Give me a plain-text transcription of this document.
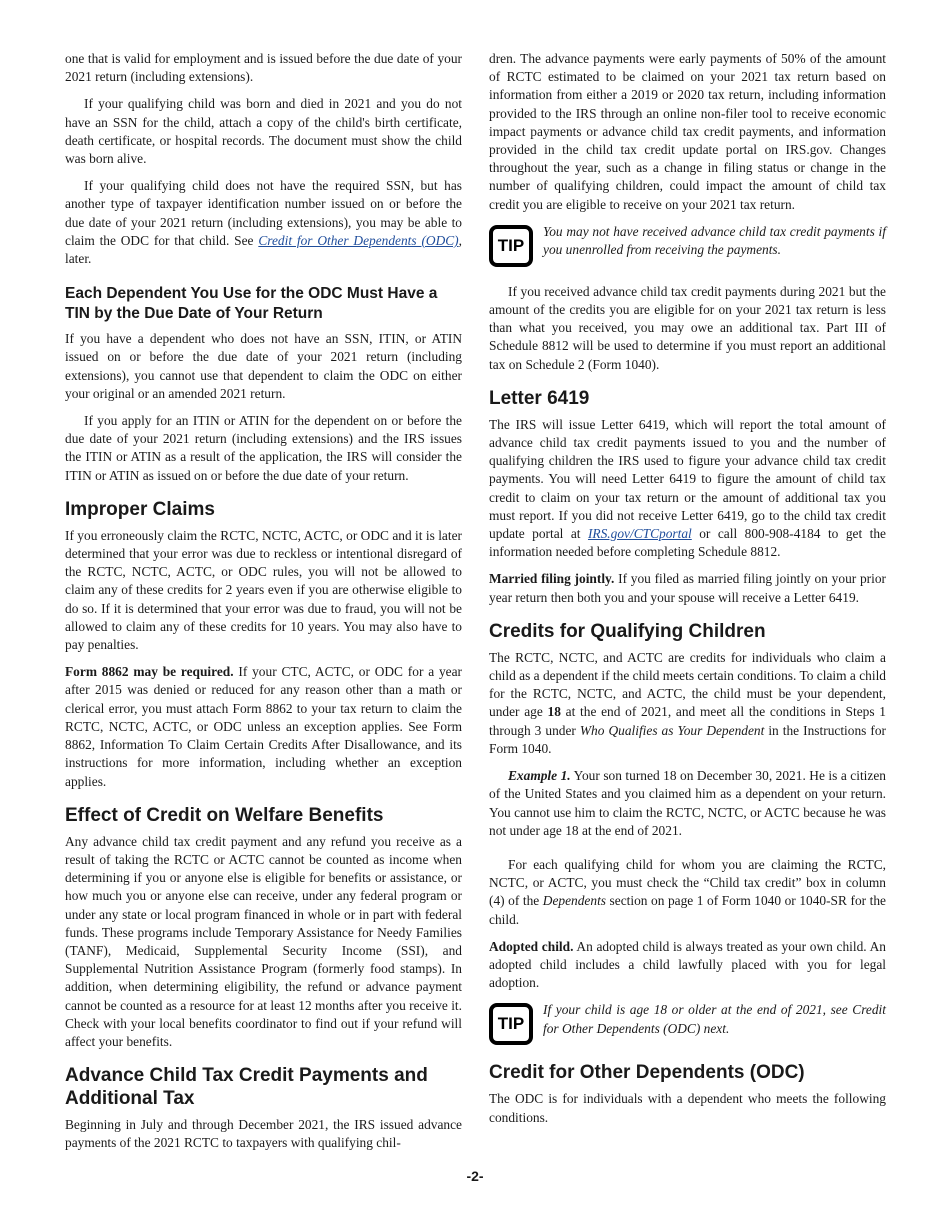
one that is valid for employment and is issued before the due date of your 2021 return (including extensions).

If your qualifying child was born and died in 2021 and you do not have an SSN for the child, attach a copy of the child's birth certificate, death certificate, or hospital records. The document must show the child was born alive.

If your qualifying child does not have the required SSN, but has another type of taxpayer identification number issued on or before the due date of your 2021 return (including extensions), you may be able to claim the ODC for that child. See Credit for Other Dependents (ODC), later.

Each Dependent You Use for the ODC Must Have a TIN by the Due Date of Your Return

If you have a dependent who does not have an SSN, ITIN, or ATIN issued on or before the due date of your 2021 return (including extensions), you cannot use that dependent to claim the ODC on either your original or an amended 2021 return.

If you apply for an ITIN or ATIN for the dependent on or before the due date of your 2021 return (including extensions) and the IRS issues the ITIN or ATIN as a result of the application, the IRS will consider the ITIN or ATIN as issued on or before the due date of your return.

Improper Claims

If you erroneously claim the RCTC, NCTC, ACTC, or ODC and it is later determined that your error was due to reckless or intentional disregard of the RCTC, NCTC, ACTC, or ODC rules, you will not be allowed to claim any of these credits for 2 years even if you are otherwise eligible to do so. If it is determined that your error was due to fraud, you will not be allowed to claim any of these credits for 10 years. You may also have to pay penalties.

Form 8862 may be required. If your CTC, ACTC, or ODC for a year after 2015 was denied or reduced for any reason other than a math or clerical error, you must attach Form 8862 to your tax return to claim the RCTC, NCTC, ACTC, or ODC unless an exception applies. See Form 8862, Information To Claim Certain Credits After Disallowance, and its instructions for more information, including whether an exception applies.

Effect of Credit on Welfare Benefits

Any advance child tax credit payment and any refund you receive as a result of taking the RCTC or ACTC cannot be counted as income when determining if you or anyone else is eligible for benefits or assistance, or how much you or anyone else can receive, under any federal program or under any state or local program financed in whole or in part with federal funds. These programs include Temporary Assistance for Needy Families (TANF), Medicaid, Supplemental Security Income (SSI), and Supplemental Nutrition Assistance Program (formerly food stamps). In addition, when determining eligibility, the refund or advance payment cannot be counted as a resource for at least 12 months after you receive it. Check with your local benefits coordinator to find out if your refund will affect your benefits.

Advance Child Tax Credit Payments and Additional Tax

Beginning in July and through December 2021, the IRS issued advance payments of the 2021 RCTC to taxpayers with qualifying chil-

dren. The advance payments were early payments of 50% of the amount of RCTC estimated to be claimed on your 2021 tax return based on information from either a 2019 or 2020 tax return, including information provided to the IRS through an online non-filer tool to receive economic impact payments or advance child tax credit payments, and information provided in the child tax credit update portal on IRS.gov. Changes throughout the year, such as a change in filing status or change in the number of qualifying children, could impact the amount of child tax credit you are eligible to receive on your 2021 tax return.

TIP
You may not have received advance child tax credit payments if you unenrolled from receiving the payments.

If you received advance child tax credit payments during 2021 but the amount of the credits you are eligible for on your 2021 tax return is less than what you received, you may owe an additional tax. Part III of Schedule 8812 will be used to determine if you must report an additional tax on Schedule 2 (Form 1040).

Letter 6419

The IRS will issue Letter 6419, which will report the total amount of advance child tax credit payments issued to you and the number of qualifying children the IRS used to figure your advance child tax credit payments. You will need Letter 6419 to figure the amount of child tax credit to claim on your tax return or the amount of additional tax you must report. If you did not receive Letter 6419, go to the child tax credit update portal at IRS.gov/CTCportal or call 800-908-4184 to get the information needed before completing Schedule 8812.

Married filing jointly. If you filed as married filing jointly on your prior year return then both you and your spouse will receive a Letter 6419.

Credits for Qualifying Children

The RCTC, NCTC, and ACTC are credits for individuals who claim a child as a dependent if the child meets certain conditions. To claim a child for the RCTC, NCTC, and ACTC, the child must be your dependent, under age 18 at the end of 2021, and meet all the conditions in Steps 1 through 3 under Who Qualifies as Your Dependent in the Instructions for Form 1040.

Example 1. Your son turned 18 on December 30, 2021. He is a citizen of the United States and you claimed him as a dependent on your return. You cannot use him to claim the RCTC, NCTC, or ACTC because he was not under age 18 at the end of 2021.

For each qualifying child for whom you are claiming the RCTC, NCTC, or ACTC, you must check the “Child tax credit” box in column (4) of the Dependents section on page 1 of Form 1040 or 1040-SR for the child.

Adopted child. An adopted child is always treated as your own child. An adopted child includes a child lawfully placed with you for legal adoption.

TIP
If your child is age 18 or older at the end of 2021, see Credit for Other Dependents (ODC) next.
Credit for Other Dependents (ODC)

The ODC is for individuals with a dependent who meets the following conditions.

-2-
